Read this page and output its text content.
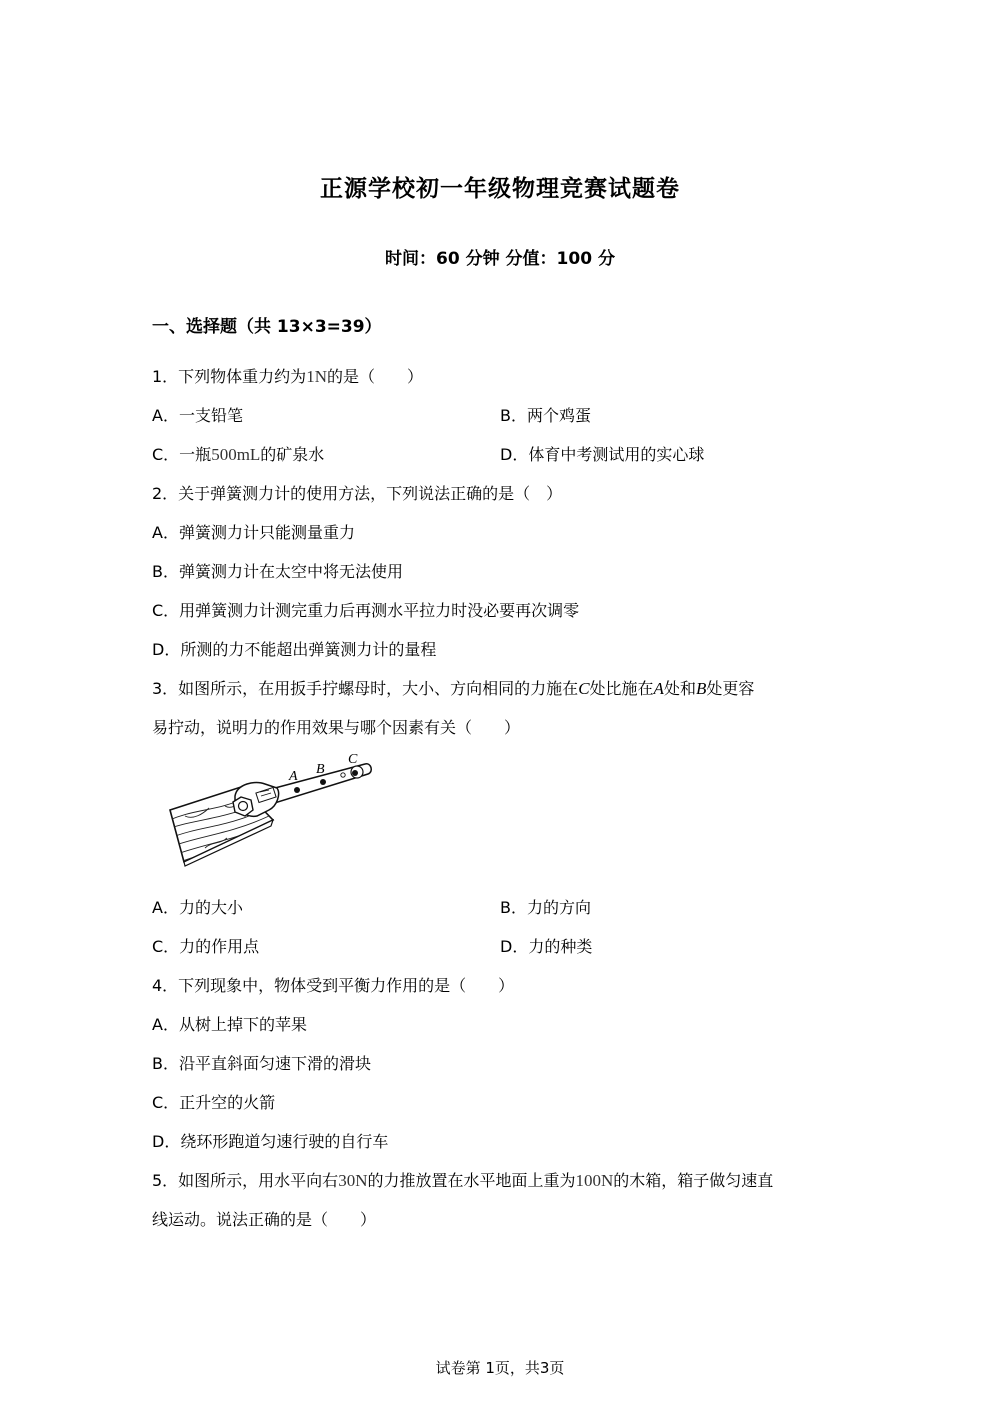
正源学校初一年级物理竞赛试题卷
时间：60 分钟 分值：100 分
一、选择题（共 13×3=39）
1．下列物体重力约为1N的是（　　）
A．一支铅笔	B．两个鸡蛋
C．一瓶500mL的矿泉水	D．体育中考测试用的实心球
2．关于弹簧测力计的使用方法，下列说法正确的是（　）
A．弹簧测力计只能测量重力
B．弹簧测力计在太空中将无法使用
C．用弹簧测力计测完重力后再测水平拉力时没必要再次调零
D．所测的力不能超出弹簧测力计的量程
3．如图所示，在用扳手拧螺母时，大小、方向相同的力施在C处比施在A处和B处更容
易拧动，说明力的作用效果与哪个因素有关（　　）
A B
C
A．力的大小	B．力的方向
C．力的作用点	D．力的种类
4．下列现象中，物体受到平衡力作用的是（　　）
A．从树上掉下的苹果
B．沿平直斜面匀速下滑的滑块
C．正升空的火箭
D．绕环形跑道匀速行驶的自行车
5．如图所示，用水平向右30N的力推放置在水平地面上重为100N的木箱，箱子做匀速直
线运动。说法正确的是（　　）
试卷第 1页，共3页
